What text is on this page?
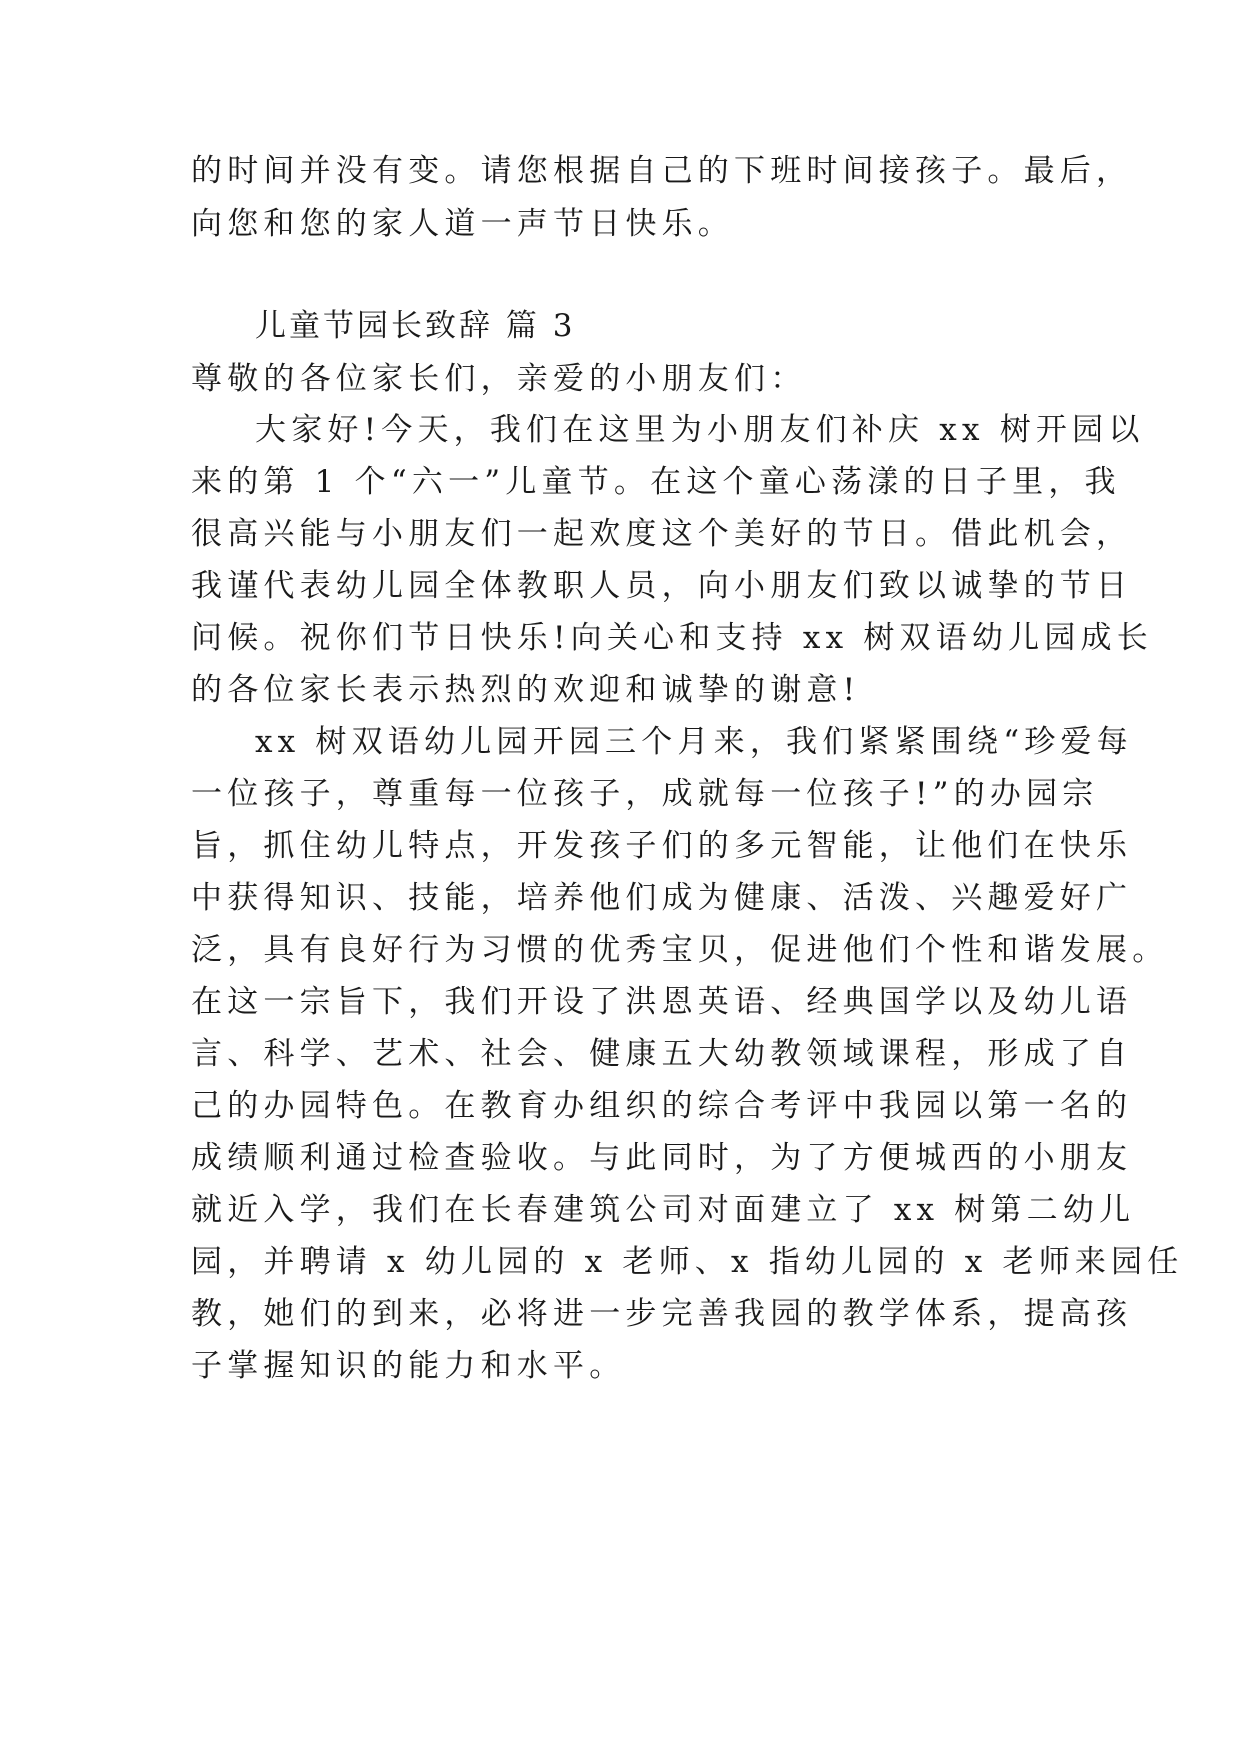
的时间并没有变。请您根据自己的下班时间接孩子。最后，
向您和您的家人道一声节日快乐。
儿童节园长致辞 篇 3
尊敬的各位家长们，亲爱的小朋友们：
大家好!今天，我们在这里为小朋友们补庆 xx 树开园以
来的第 1 个“六一”儿童节。在这个童心荡漾的日子里，我
很高兴能与小朋友们一起欢度这个美好的节日。借此机会，
我谨代表幼儿园全体教职人员，向小朋友们致以诚挚的节日
问候。祝你们节日快乐!向关心和支持 xx 树双语幼儿园成长
的各位家长表示热烈的欢迎和诚挚的谢意!
xx 树双语幼儿园开园三个月来，我们紧紧围绕“珍爱每
一位孩子，尊重每一位孩子，成就每一位孩子!”的办园宗
旨，抓住幼儿特点，开发孩子们的多元智能，让他们在快乐
中获得知识、技能，培养他们成为健康、活泼、兴趣爱好广
泛，具有良好行为习惯的优秀宝贝，促进他们个性和谐发展。
在这一宗旨下，我们开设了洪恩英语、经典国学以及幼儿语
言、科学、艺术、社会、健康五大幼教领域课程，形成了自
己的办园特色。在教育办组织的综合考评中我园以第一名的
成绩顺利通过检查验收。与此同时，为了方便城西的小朋友
就近入学，我们在长春建筑公司对面建立了 xx 树第二幼儿
园，并聘请 x 幼儿园的 x 老师、x 指幼儿园的 x 老师来园任
教，她们的到来，必将进一步完善我园的教学体系，提高孩
子掌握知识的能力和水平。
